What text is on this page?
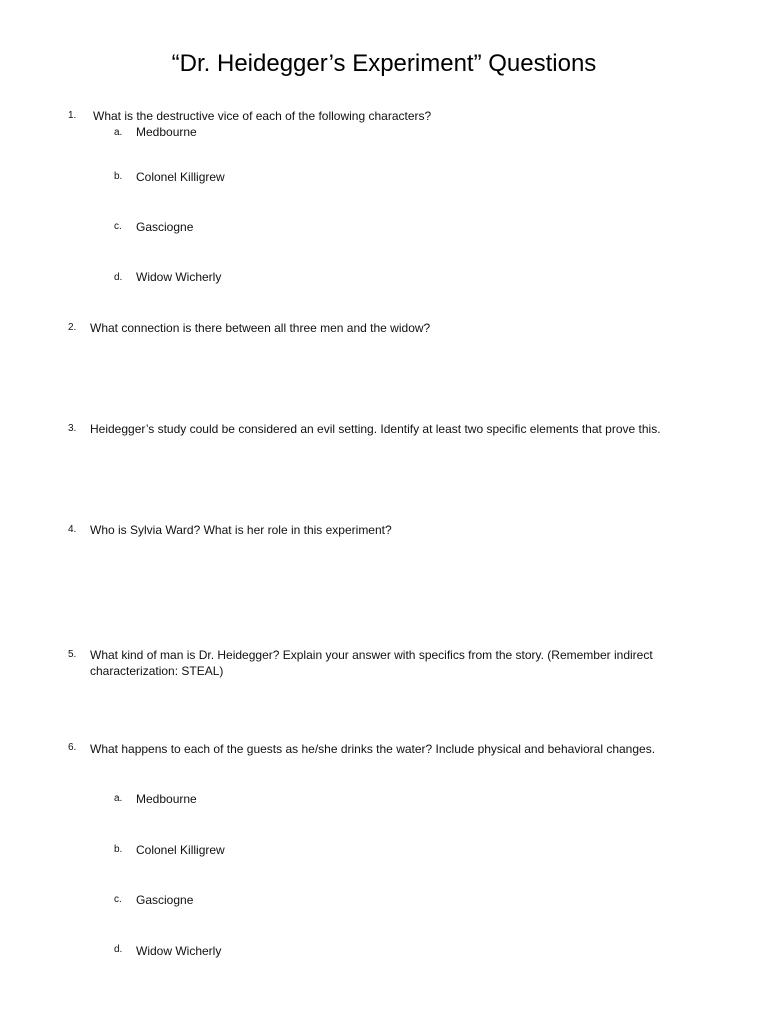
“Dr. Heidegger’s Experiment” Questions
1. What is the destructive vice of each of the following characters?
a. Medbourne
b. Colonel Killigrew
c. Gasciogne
d. Widow Wicherly
2. What connection is there between all three men and the widow?
3. Heidegger’s study could be considered an evil setting. Identify at least two specific elements that prove this.
4. Who is Sylvia Ward? What is her role in this experiment?
5. What kind of man is Dr. Heidegger? Explain your answer with specifics from the story. (Remember indirect characterization: STEAL)
6. What happens to each of the guests as he/she drinks the water? Include physical and behavioral changes.
a. Medbourne
b. Colonel Killigrew
c. Gasciogne
d. Widow Wicherly
